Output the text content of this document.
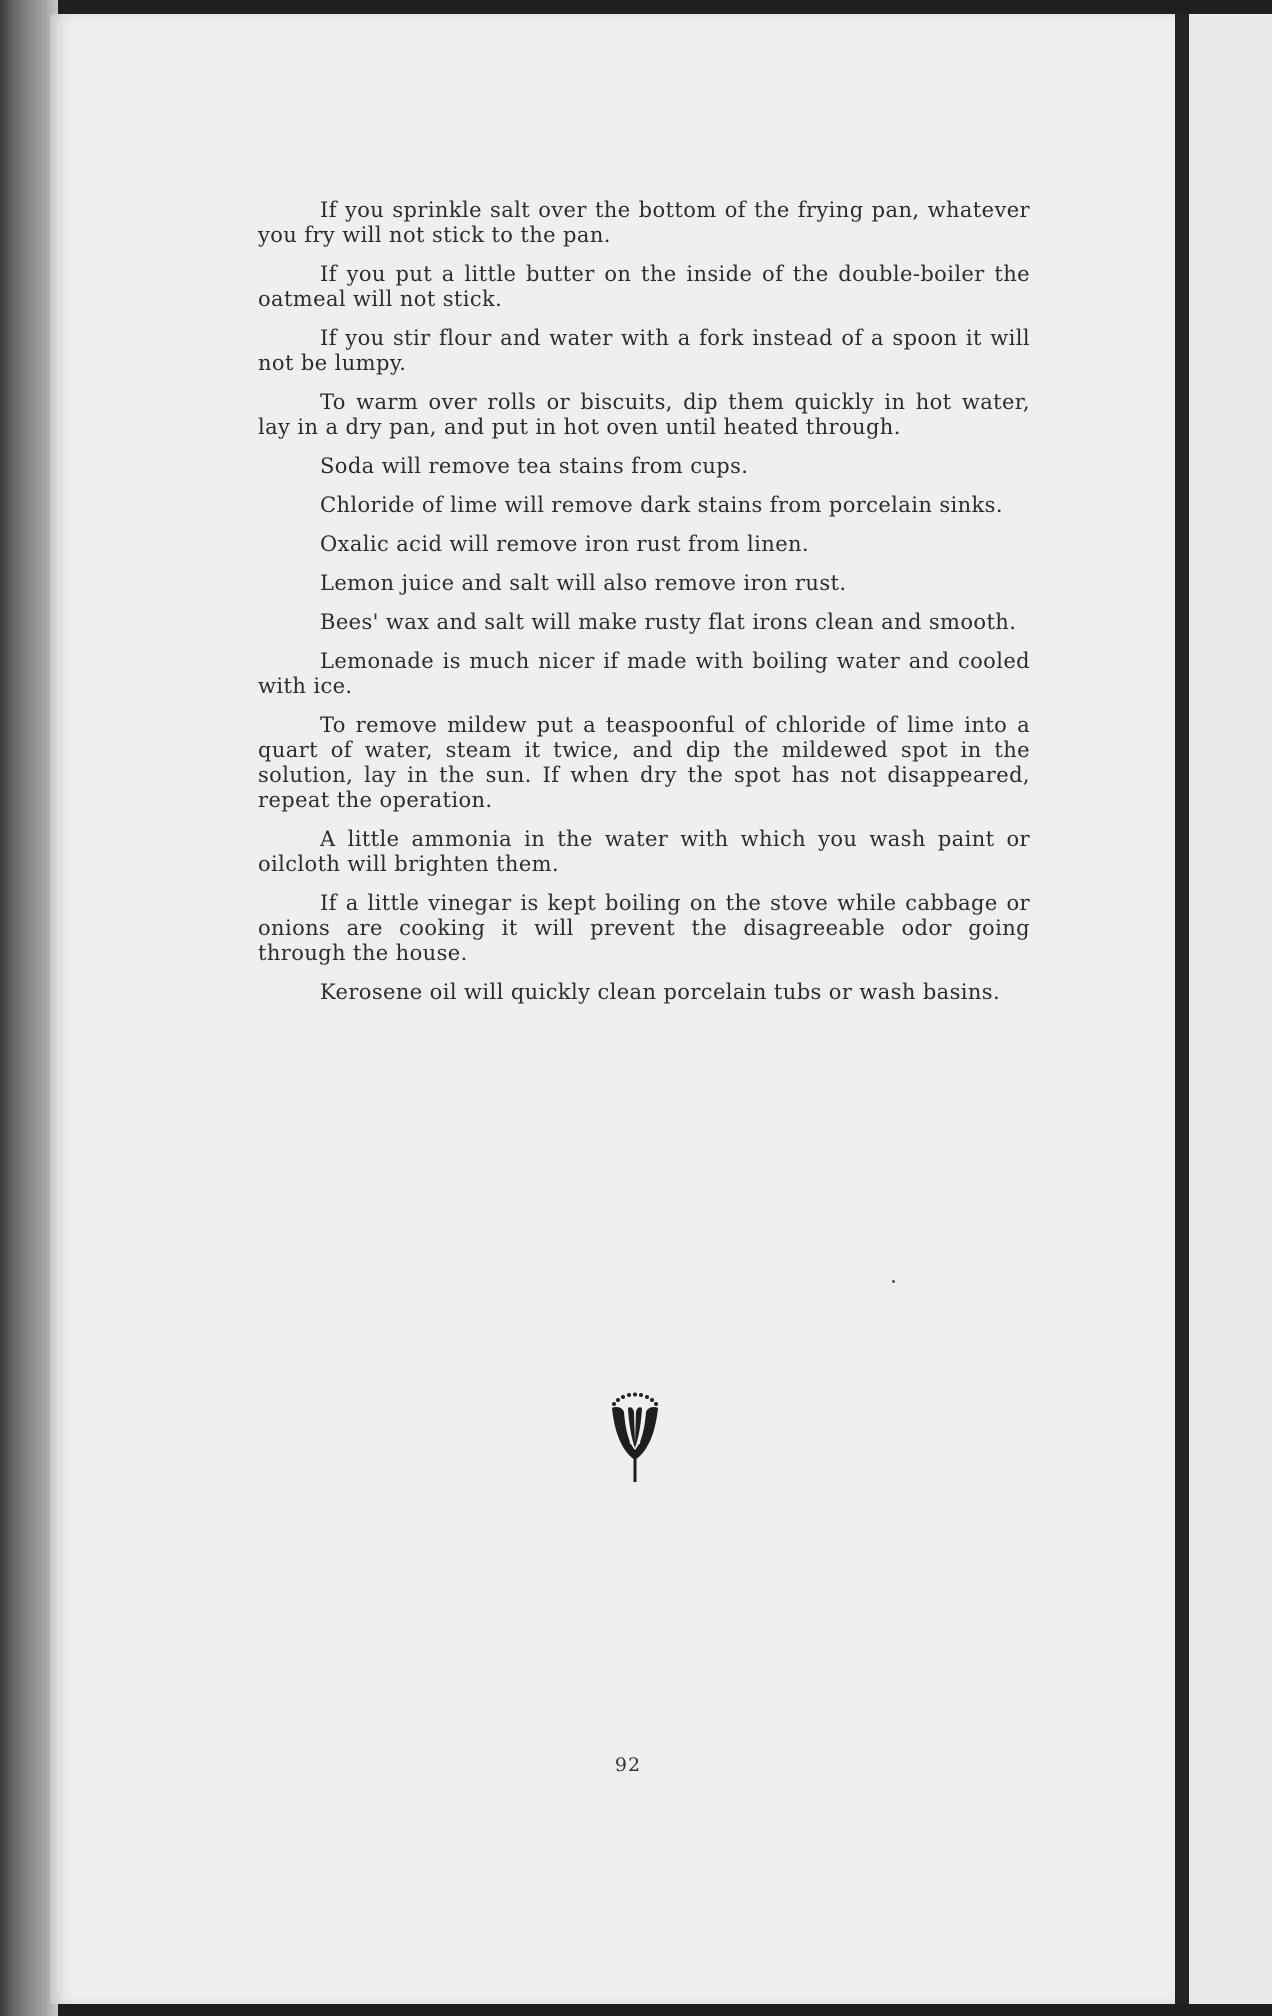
If you sprinkle salt over the bottom of the frying pan, whatever you fry will not stick to the pan.

If you put a little butter on the inside of the double-boiler the oatmeal will not stick.

If you stir flour and water with a fork instead of a spoon it will not be lumpy.

To warm over rolls or biscuits, dip them quickly in hot water, lay in a dry pan, and put in hot oven until heated through.

Soda will remove tea stains from cups.

Chloride of lime will remove dark stains from porcelain sinks.

Oxalic acid will remove iron rust from linen.

Lemon juice and salt will also remove iron rust.

Bees' wax and salt will make rusty flat irons clean and smooth.

Lemonade is much nicer if made with boiling water and cooled with ice.

To remove mildew put a teaspoonful of chloride of lime into a quart of water, steam it twice, and dip the mildewed spot in the solution, lay in the sun. If when dry the spot has not disappeared, repeat the operation.

A little ammonia in the water with which you wash paint or oilcloth will brighten them.

If a little vinegar is kept boiling on the stove while cabbage or onions are cooking it will prevent the disagreeable odor going through the house.

Kerosene oil will quickly clean porcelain tubs or wash basins.

92
